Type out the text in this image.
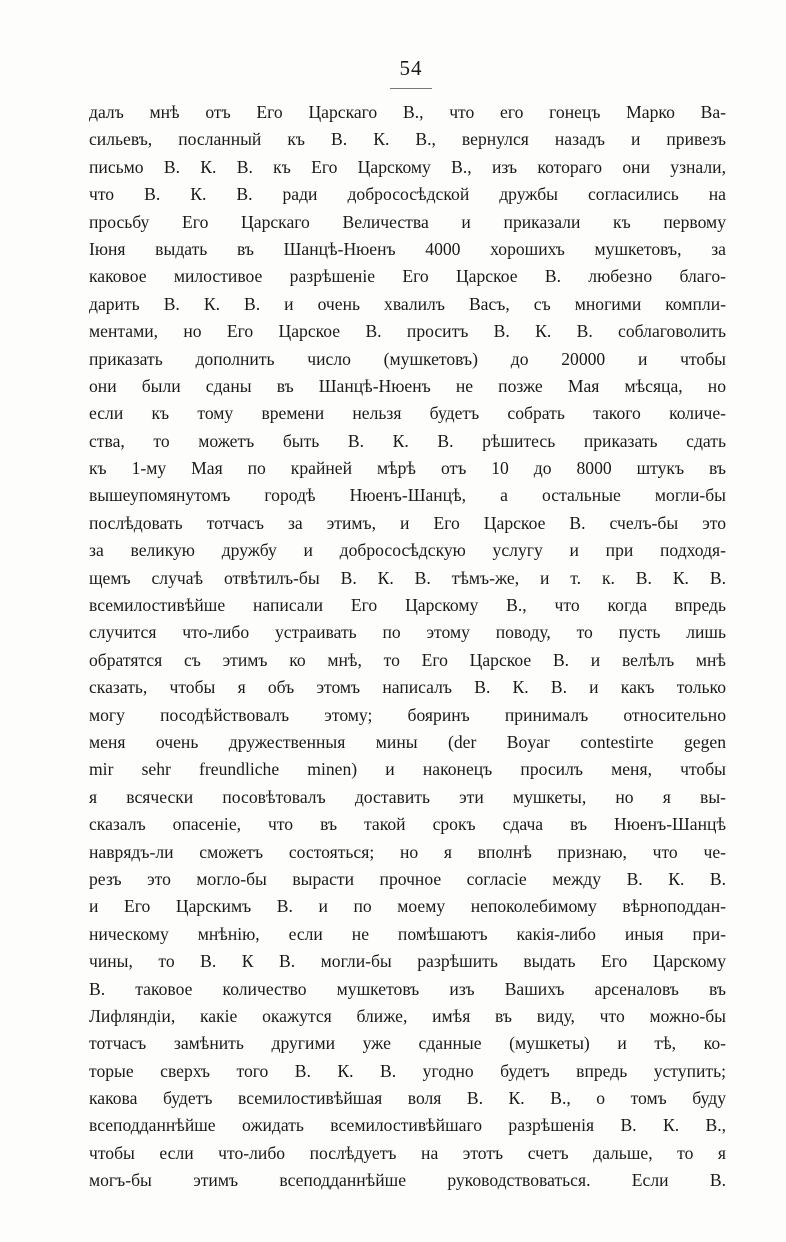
54
далъ мнѣ отъ Его Царскаго В., что его гонецъ Марко Ва-
сильевъ, посланный къ В. К. В., вернулся назадъ и привезъ
письмо В. К. В. къ Его Царскому В., изъ котораго они узнали,
что В. К. В. ради добрососѣдской дружбы согласились на
просьбу Его Царскаго Величества и приказали къ первому
Іюня выдать въ Шанцѣ-Нюенъ 4000 хорошихъ мушкетовъ, за
каковое милостивое разрѣшеніе Его Царское В. любезно благо-
дарить В. К. В. и очень хвалилъ Васъ, съ многими компли-
ментами, но Его Царское В. проситъ В. К. В. соблаговолить
приказать дополнить число (мушкетовъ) до 20000 и чтобы
они были сданы въ Шанцѣ-Нюенъ не позже Мая мѣсяца, но
если къ тому времени нельзя будетъ собрать такого количе-
ства, то можетъ быть В. К. В. рѣшитесь приказать сдать
къ 1-му Мая по крайней мѣрѣ отъ 10 до 8000 штукъ въ
вышеупомянутомъ городѣ Нюенъ-Шанцѣ, а остальные могли-бы
послѣдовать тотчасъ за этимъ, и Его Царское В. счелъ-бы это
за великую дружбу и добрососѣдскую услугу и при подходя-
щемъ случаѣ отвѣтилъ-бы В. К. В. тѣмъ-же, и т. к. В. К. В.
всемилостивѣйше написали Его Царскому В., что когда впредь
случится что-либо устраивать по этому поводу, то пусть лишь
обратятся съ этимъ ко мнѣ, то Его Царское В. и велѣлъ мнѣ
сказать, чтобы я объ этомъ написалъ В. К. В. и какъ только
могу посодѣйствовалъ этому; бояринъ принималъ относительно
меня очень дружественныя мины (der Boyar contestirte gegen
mir sehr freundliche minen) и наконецъ просилъ меня, чтобы
я всячески посовѣтовалъ доставить эти мушкеты, но я вы-
сказалъ опасеніе, что въ такой срокъ сдача въ Нюенъ-Шанцѣ
наврядъ-ли сможетъ состояться; но я вполнѣ признаю, что че-
резъ это могло-бы выpасти прочное согласіе между В. К. В.
и Его Царскимъ В. и по моему непоколебимому вѣрноподдан-
ническому мнѣнію, если не помѣшаютъ какія-либо иныя при-
чины, то В. К В. могли-бы разрѣшить выдать Его Царскому
В. таковое количество мушкетовъ изъ Вашихъ арсеналовъ въ
Лифляндіи, какіе окажутся ближе, имѣя въ виду, что можно-бы
тотчасъ замѣнить другими уже сданные (мушкеты) и тѣ, ко-
торые сверхъ того В. К. В. угодно будетъ впредь уступить;
какова будетъ всемилостивѣйшая воля В. К. В., о томъ буду
всеподданнѣйше ожидать всемилостивѣйшаго разрѣшенія В. К. В.,
чтобы если что-либо послѣдуетъ на этотъ счетъ дальше, то я
могъ-бы этимъ всеподданнѣйше руководствоваться. Если В.
